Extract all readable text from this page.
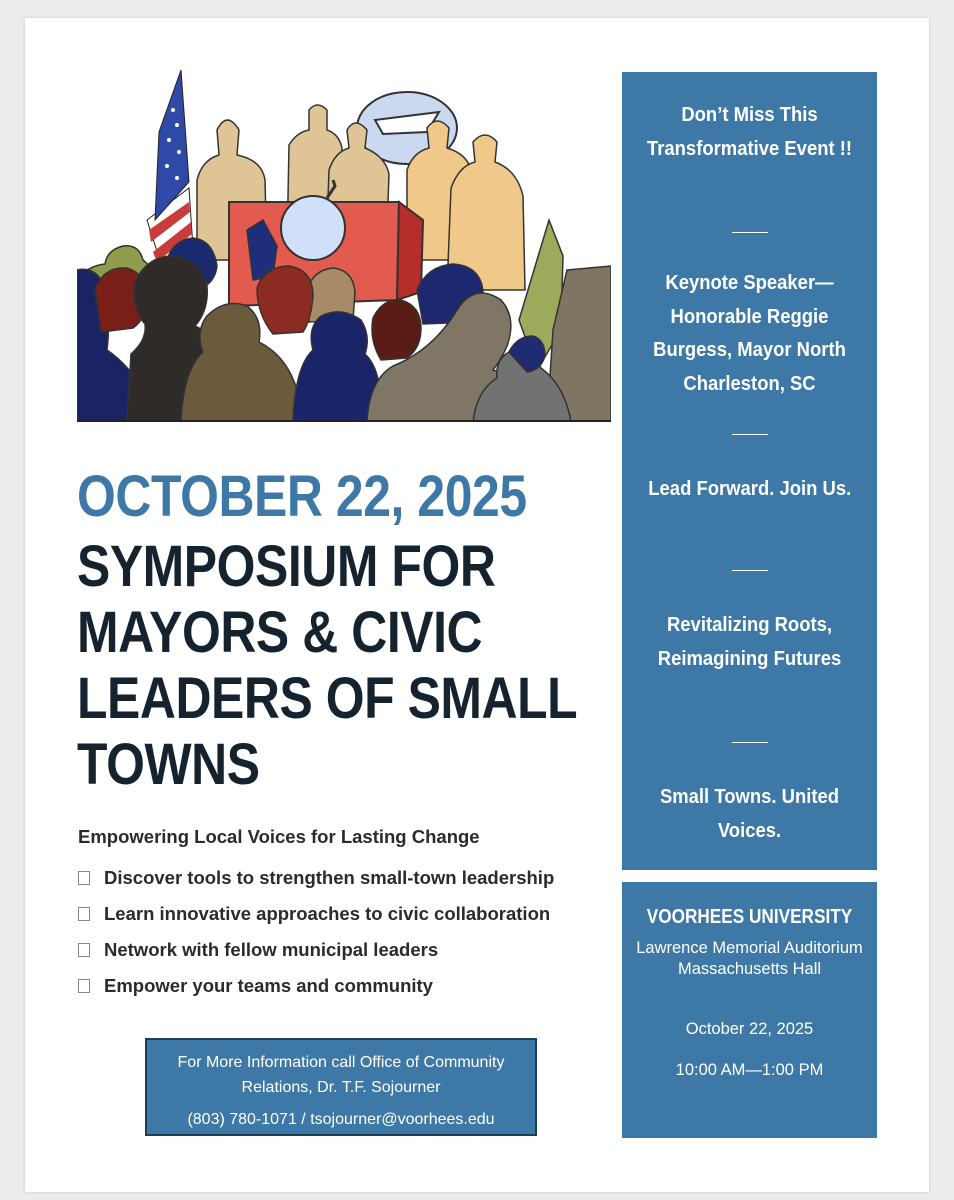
OCTOBER 22, 2025
SYMPOSIUM FOR MAYORS & CIVIC LEADERS OF SMALL TOWNS

Empowering Local Voices for Lasting Change

Discover tools to strengthen small-town leadership
Learn innovative approaches to civic collaboration
Network with fellow municipal leaders
Empower your teams and community
For More Information call Office of Community Relations, Dr. T.F. Sojourner
(803) 780-1071 / tsojourner@voorhees.edu

Don’t Miss This Transformative Event !!

Keynote Speaker—Honorable Reggie Burgess, Mayor North Charleston, SC

Lead Forward. Join Us.

Revitalizing Roots, Reimagining Futures

Small Towns. United Voices.

VOORHEES UNIVERSITY

Lawrence Memorial Auditorium Massachusetts Hall
October 22, 2025
10:00 AM—1:00 PM
